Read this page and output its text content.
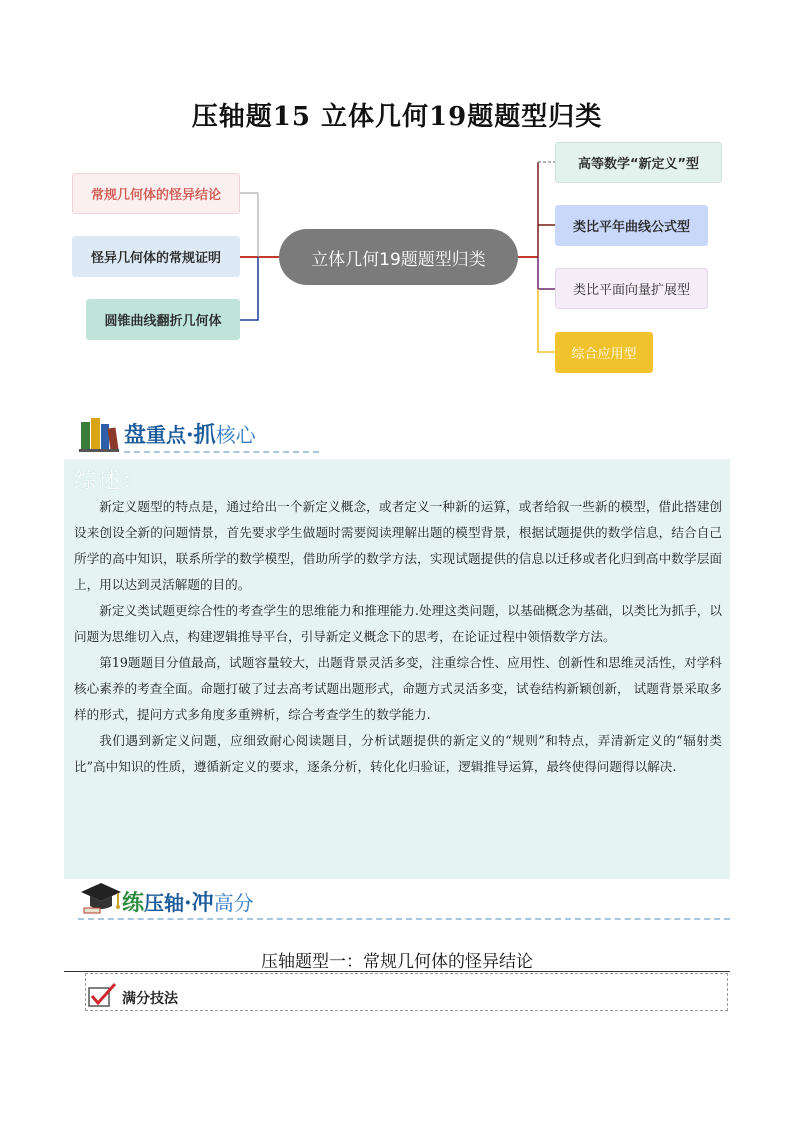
压轴题15 立体几何19题题型归类
立体几何19题题型归类
常规几何体的怪异结论
怪异几何体的常规证明
圆锥曲线翻折几何体
高等数学“新定义”型
类比平年曲线公式型
类比平面向量扩展型
综合应用型
盘重点·抓核心
综述：

新定义题型的特点是，通过给出一个新定义概念，或者定义一种新的运算，或者给叙一些新的模型，借此搭建创设来创设全新的问题情景，首先要求学生做题时需要阅读理解出题的模型背景，根据试题提供的数学信息，结合自己所学的高中知识，联系所学的数学模型，借助所学的数学方法，实现试题提供的信息以迁移或者化归到高中数学层面上，用以达到灵活解题的目的。

新定义类试题更综合性的考查学生的思维能力和推理能力.处理这类问题，以基础概念为基础，以类比为抓手，以问题为思维切入点，构建逻辑推导平台，引导新定义概念下的思考，在论证过程中领悟数学方法。

第19题题目分值最高，试题容量较大，出题背景灵活多变，注重综合性、应用性、创新性和思维灵活性，对学科核心素养的考查全面。命题打破了过去高考试题出题形式，命题方式灵活多变，试卷结构新颖创新， 试题背景采取多样的形式，提问方式多角度多重辨析，综合考查学生的数学能力.

我们遇到新定义问题，应细致耐心阅读题目，分析试题提供的新定义的“规则”和特点，弄清新定义的“辐射类比”高中知识的性质，遵循新定义的要求，逐条分析，转化化归验证，逻辑推导运算，最终使得问题得以解决.

练压轴·冲高分
压轴题型一：常规几何体的怪异结论
满分技法
